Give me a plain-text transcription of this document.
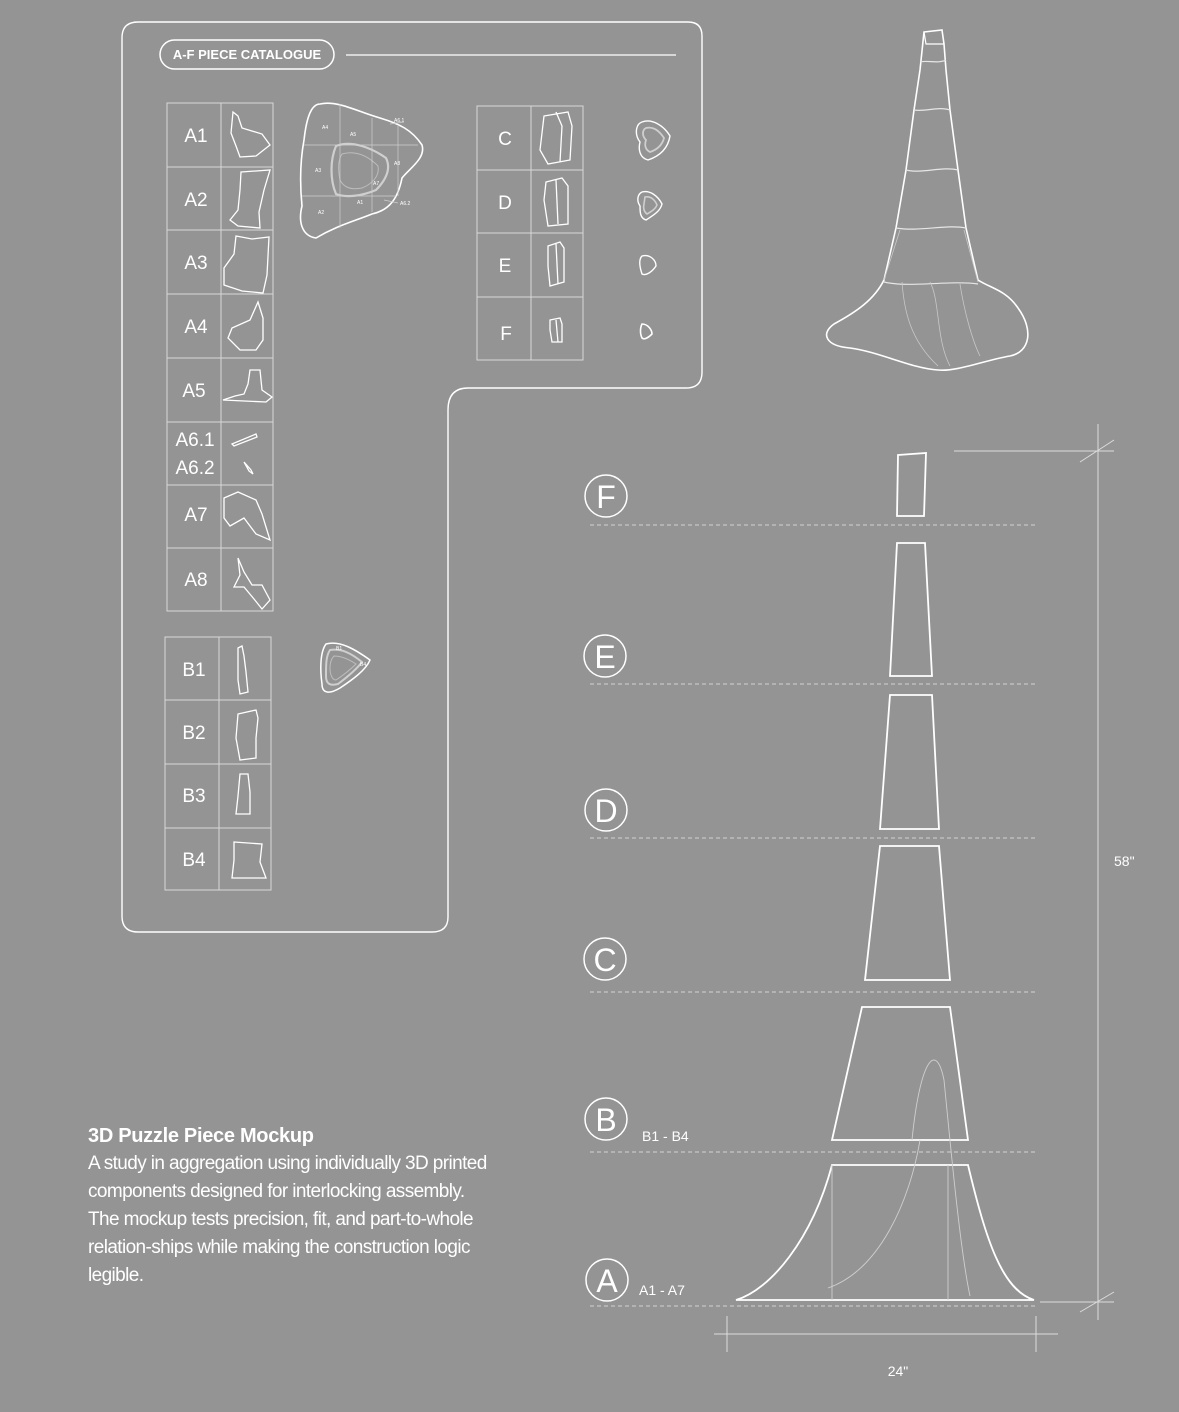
A-F PIECE CATALOGUE
A1
A2
A3
A4
A5
A6.1
A6.2
A7
A8
A4
A5
A6.1
A3
A8
A7
A2
A1	A6.2
B1
B2
B3
B4
B1
B4
C
D
E
F
F
E
D
C
B
A
B1 - B4
A1 - A7
58"
24"
3D Puzzle Piece Mockup

A study in aggregation using individually 3D printed components designed for interlocking assembly. The mockup tests precision, fit, and part-to-whole relation-ships while making the construction logic legible.
